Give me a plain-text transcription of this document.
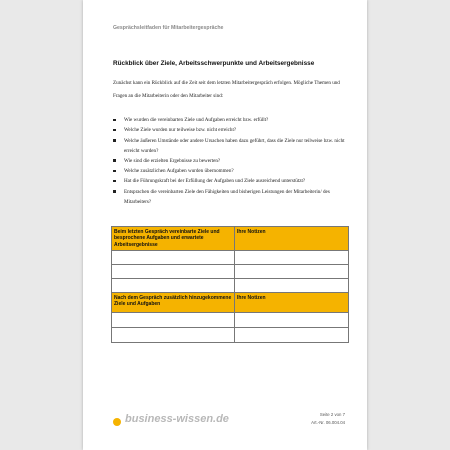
Gesprächsleitfaden für Mitarbeitergespräche
Rückblick über Ziele, Arbeitsschwerpunkte und Arbeitsergebnisse
Zunächst kann ein Rückblick auf die Zeit seit dem letzten Mitarbeitergespräch erfolgen. Mögliche Themen und Fragen an die Mitarbeiterin oder den Mitarbeiter sind:
Wie wurden die vereinbarten Ziele und Aufgaben erreicht bzw. erfüllt?
Welche Ziele wurden nur teilweise bzw. nicht erreicht?
Welche äußeren Umstände oder andere Ursachen haben dazu geführt, dass die Ziele nur teilweise bzw. nicht erreicht wurden?
Wie sind die erzielten Ergebnisse zu bewerten?
Welche zusätzlichen Aufgaben wurden übernommen?
Hat die Führungskraft bei der Erfüllung der Aufgaben und Ziele ausreichend unterstützt?
Entsprachen die vereinbarten Ziele den Fähigkeiten und bisherigen Leistungen der Mitarbeiterin/ des Mitarbeiters?
Beim letzten Gespräch vereinbarte Ziele und besprochene Aufgaben und erwartete Arbeitsergebnisse	Ihre Notizen

Nach dem Gespräch zusätzlich hinzugekommene Ziele und Aufgaben	Ihre Notizen

business-wissen.de	Seite 2 von 7
Art.-Nr. 06.004.04
